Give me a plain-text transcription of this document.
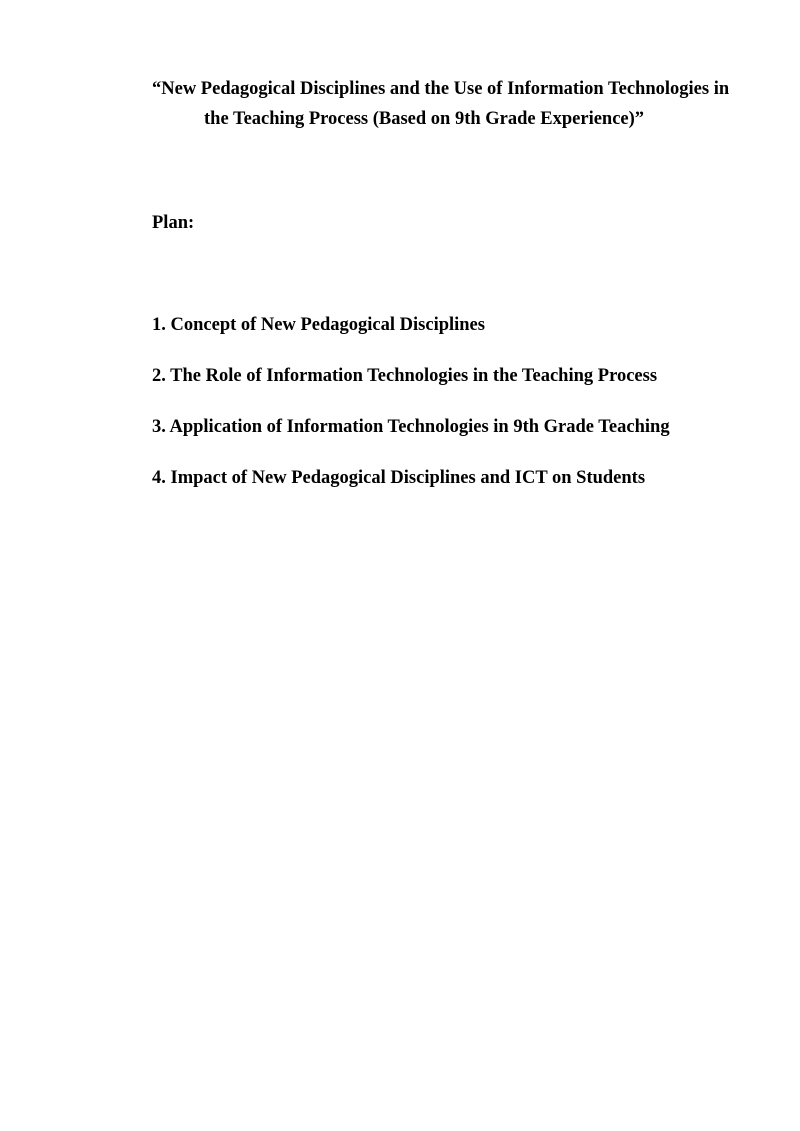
“New Pedagogical Disciplines and the Use of Information Technologies in
the Teaching Process (Based on 9th Grade Experience)”
Plan:
1. Concept of New Pedagogical Disciplines
2. The Role of Information Technologies in the Teaching Process
3. Application of Information Technologies in 9th Grade Teaching
4. Impact of New Pedagogical Disciplines and ICT on Students
